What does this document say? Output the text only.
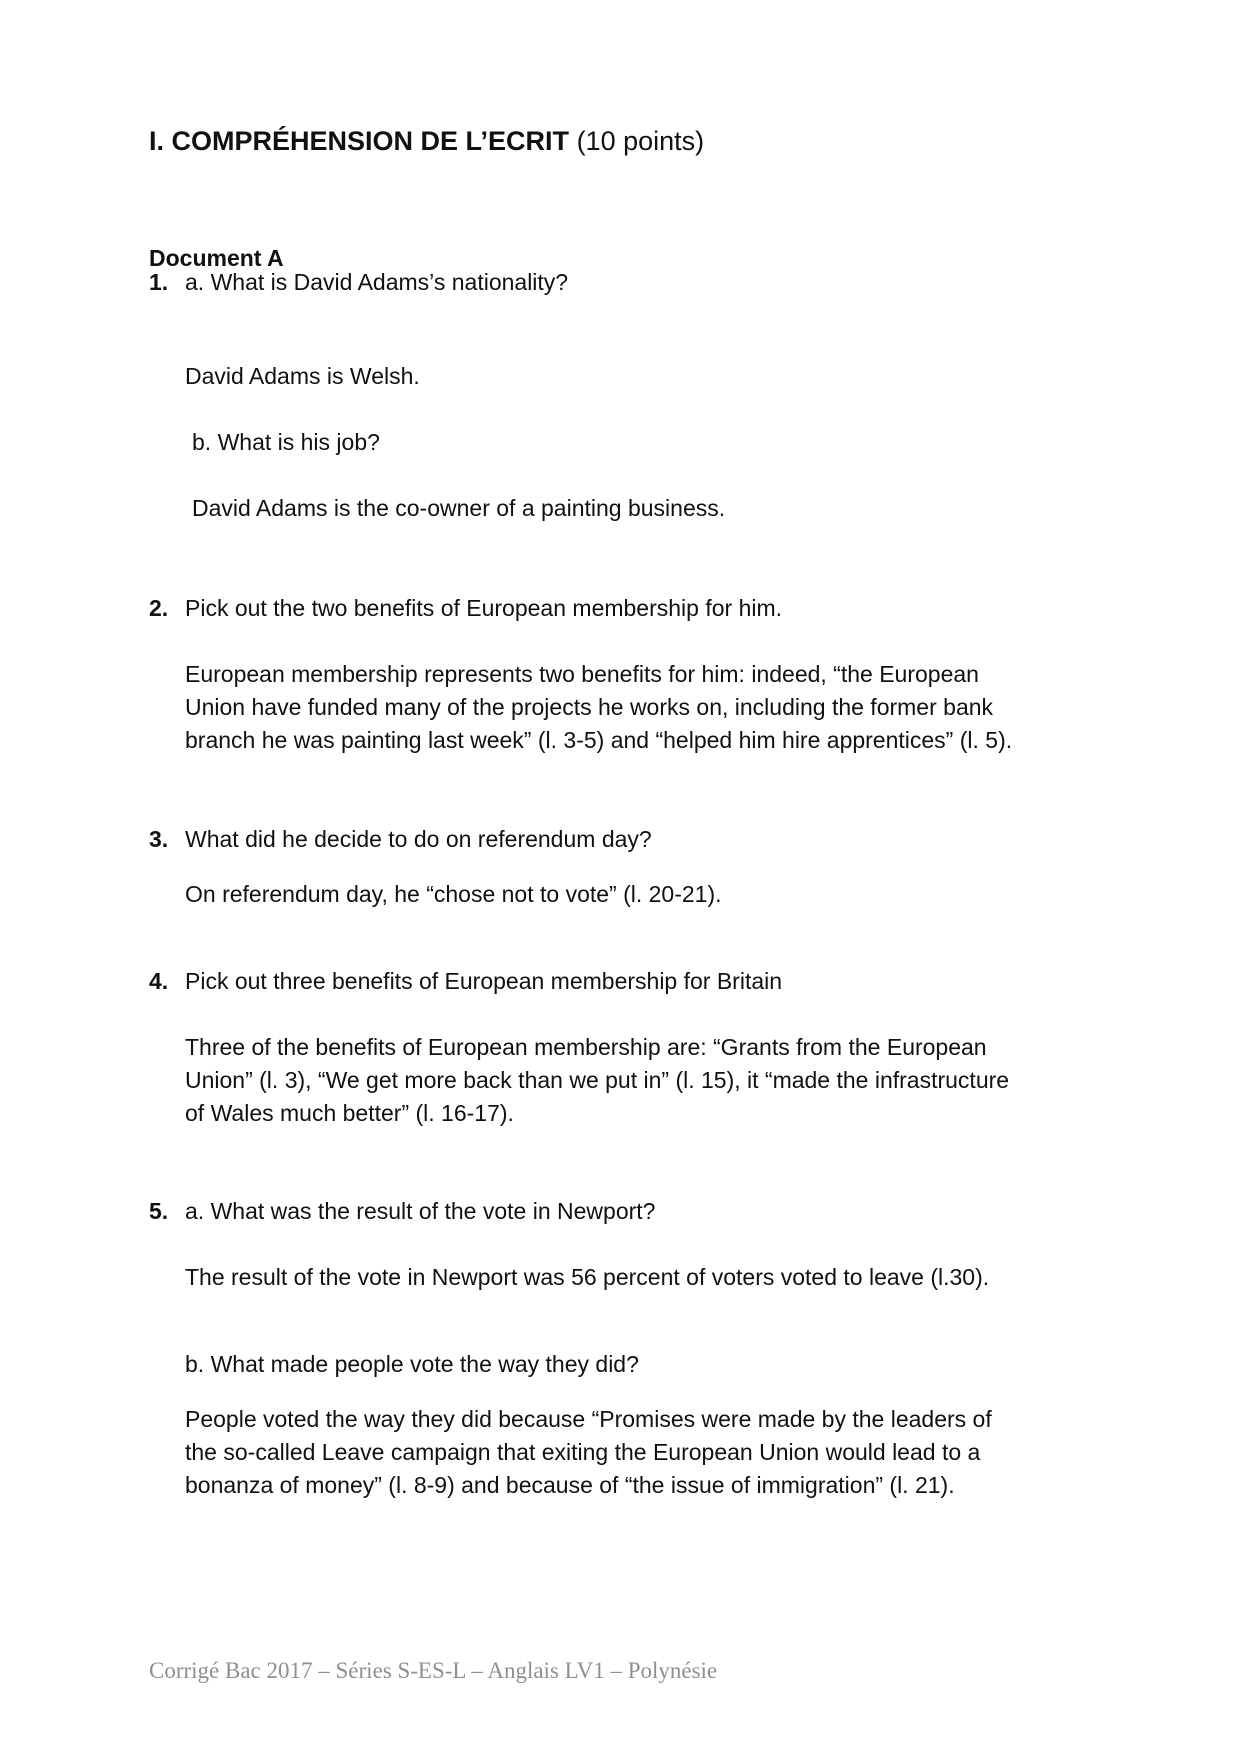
I. COMPRÉHENSION DE L’ECRIT (10 points)
Document A
1. a. What is David Adams’s nationality?
David Adams is Welsh.
b. What is his job?
David Adams is the co-owner of a painting business.
2. Pick out the two benefits of European membership for him.
European membership represents two benefits for him: indeed, “the European
Union have funded many of the projects he works on, including the former bank
branch he was painting last week” (l. 3-5) and “helped him hire apprentices” (l. 5).
3. What did he decide to do on referendum day?
On referendum day, he “chose not to vote” (l. 20-21).
4. Pick out three benefits of European membership for Britain
Three of the benefits of European membership are: “Grants from the European
Union” (l. 3), “We get more back than we put in” (l. 15), it “made the infrastructure
of Wales much better” (l. 16-17).
5. a. What was the result of the vote in Newport?
The result of the vote in Newport was 56 percent of voters voted to leave (l.30).
b. What made people vote the way they did?
People voted the way they did because “Promises were made by the leaders of
the so-called Leave campaign that exiting the European Union would lead to a
bonanza of money” (l. 8-9) and because of “the issue of immigration” (l. 21).
Corrigé Bac 2017 – Séries S-ES-L – Anglais LV1 – Polynésie
